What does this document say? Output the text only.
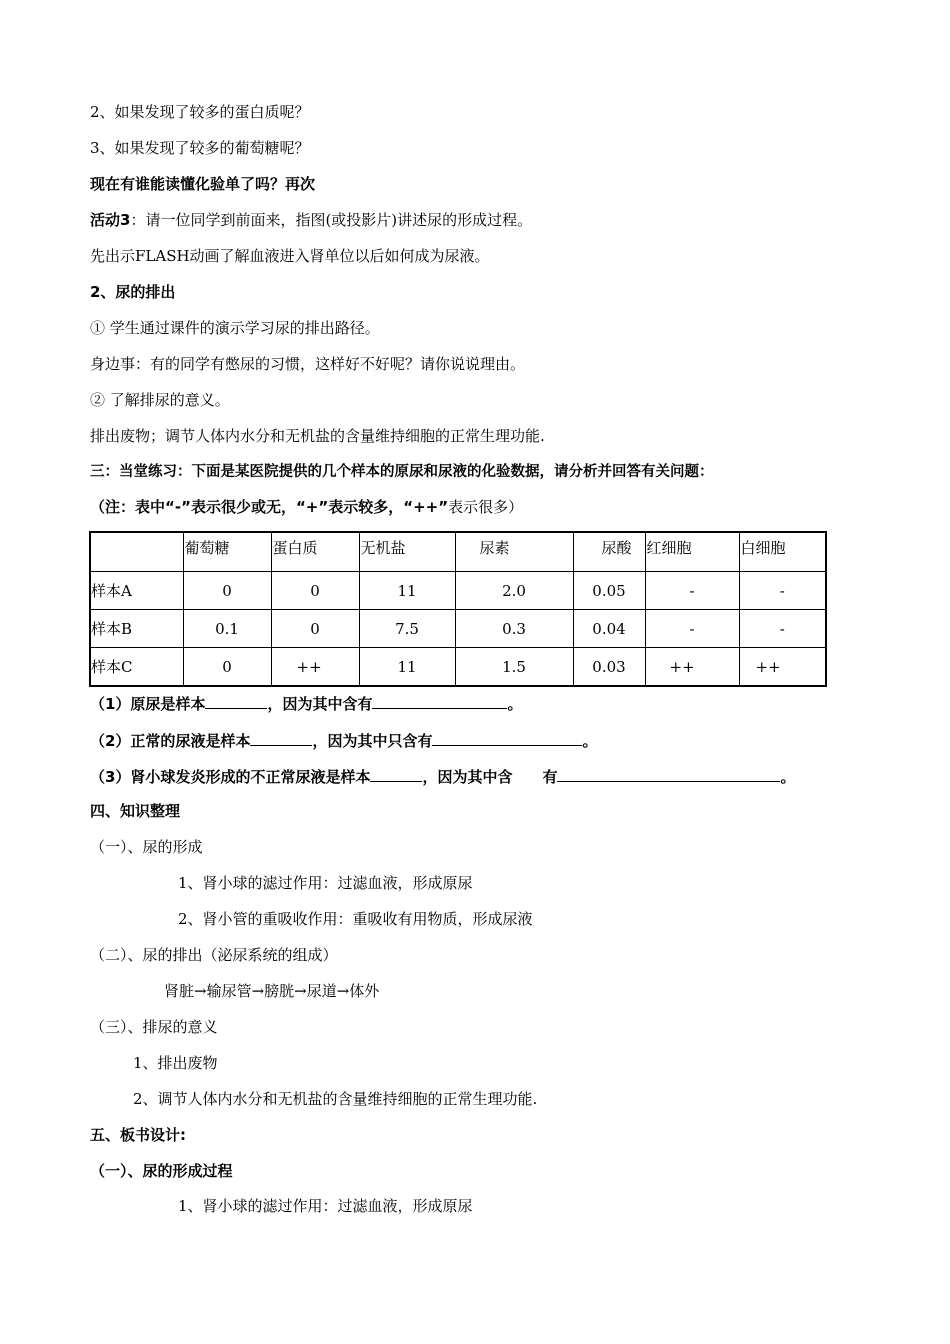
2、如果发现了较多的蛋白质呢？
3、如果发现了较多的葡萄糖呢？
现在有谁能读懂化验单了吗？再次
活动3：请一位同学到前面来，指图(或投影片)讲述尿的形成过程。
先出示FLASH动画了解血液进入肾单位以后如何成为尿液。
2、尿的排出
① 学生通过课件的演示学习尿的排出路径。
身边事：有的同学有憋尿的习惯，这样好不好呢？请你说说理由。
② 了解排尿的意义。
排出废物；调节人体内水分和无机盐的含量维持细胞的正常生理功能.
三：当堂练习：下面是某医院提供的几个样本的原尿和尿液的化验数据，请分析并回答有关问题：
（注：表中“-”表示很少或无，“+”表示较多，“++”表示很多）
	葡萄糖	蛋白质	无机盐	尿素	尿酸	红细胞	白细胞
样本A	0	0	11	2.0	0.05	-	-
样本B	0.1	0	7.5	0.3	0.04	-	-
样本C	0	++	11	1.5	0.03	++	++
（1）原尿是样本	，因为其中含有	。
（2）正常的尿液是样本	，因为其中只含有	。
（3）肾小球发炎形成的不正常尿液是样本	，因为其中含　　有	。
四、知识整理
（一）、尿的形成
1、肾小球的滤过作用：过滤血液，形成原尿
2、肾小管的重吸收作用：重吸收有用物质，形成尿液
（二）、尿的排出（泌尿系统的组成）
肾脏→输尿管→膀胱→尿道→体外
（三）、排尿的意义
1、排出废物
2、调节人体内水分和无机盐的含量维持细胞的正常生理功能.
五、板书设计:
（一）、尿的形成过程
1、肾小球的滤过作用：过滤血液，形成原尿
